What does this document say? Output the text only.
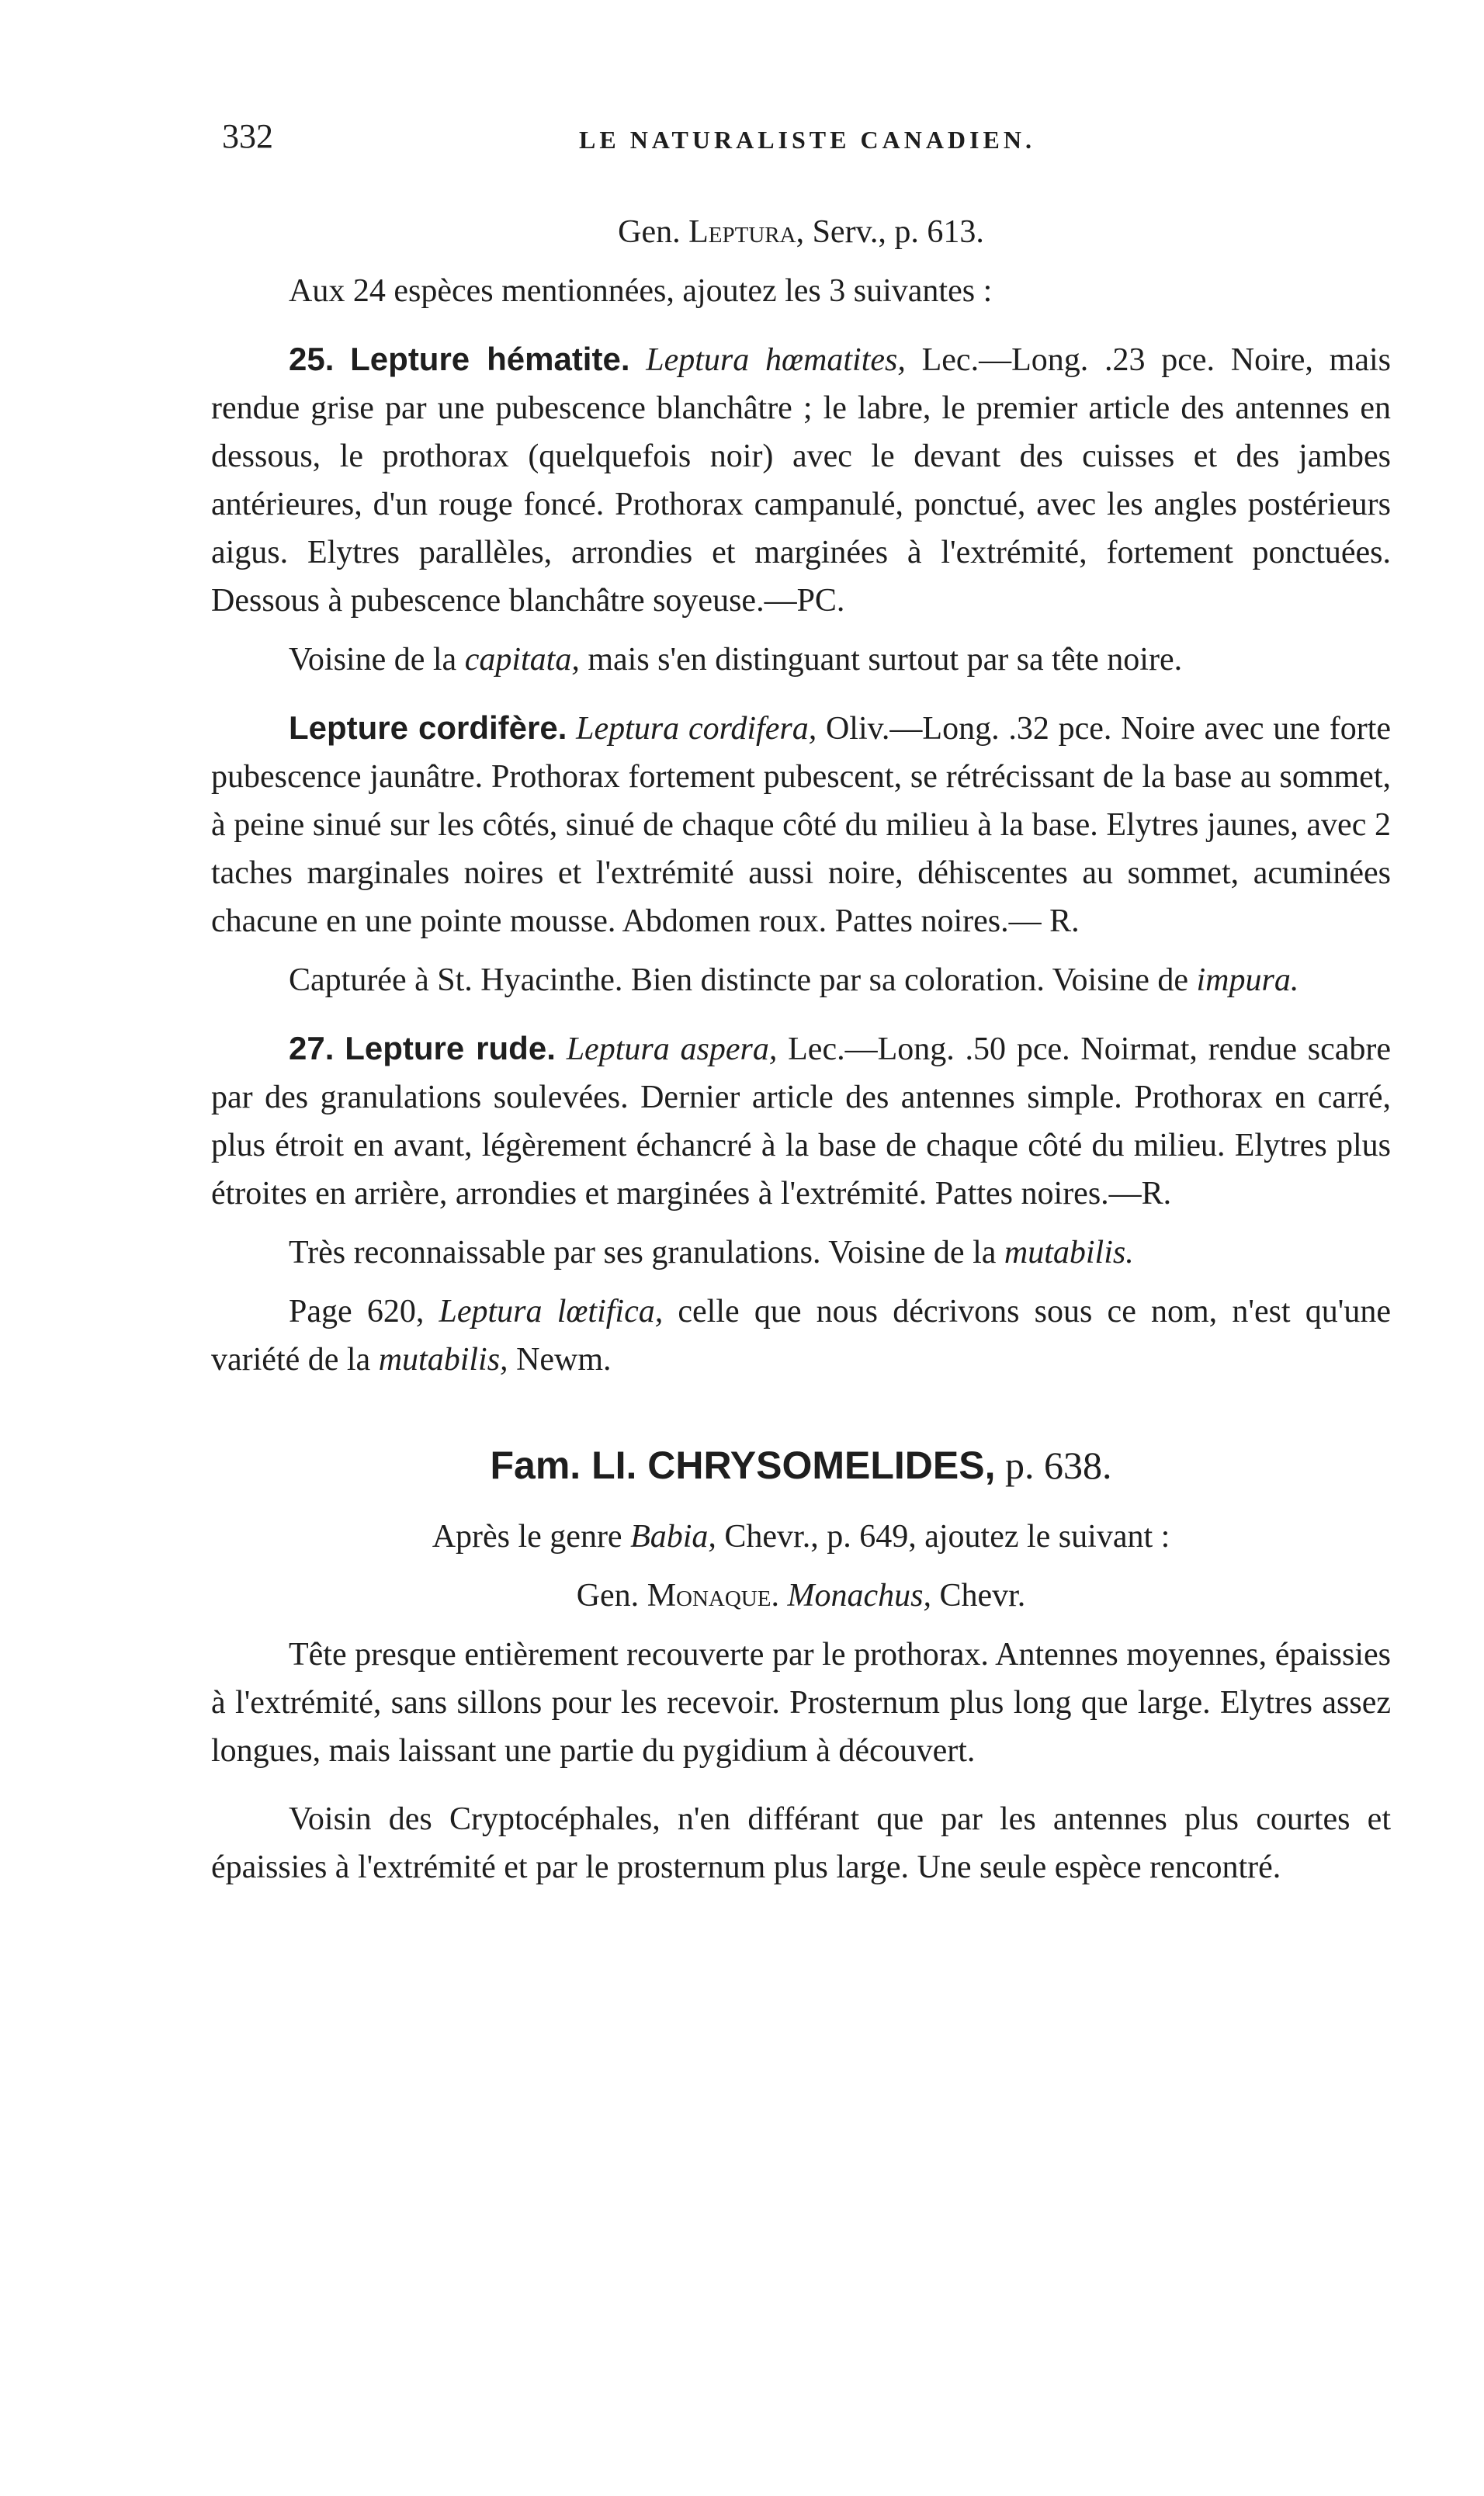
332	LE NATURALISTE CANADIEN.

Gen. Leptura, Serv., p. 613.

Aux 24 espèces mentionnées, ajoutez les 3 suivantes :

25. Lepture hématite. Leptura hœmatites, Lec.—Long. .23 pce. Noire, mais rendue grise par une pubescence blanchâtre ; le labre, le premier article des antennes en dessous, le prothorax (quelquefois noir) avec le devant des cuisses et des jambes antérieures, d'un rouge foncé. Prothorax campanulé, ponctué, avec les angles postérieurs aigus. Elytres parallèles, arrondies et marginées à l'extrémité, fortement ponctuées. Dessous à pubescence blanchâtre soyeuse.—PC.

Voisine de la capitata, mais s'en distinguant surtout par sa tête noire.

Lepture cordifère. Leptura cordifera, Oliv.—Long. .32 pce. Noire avec une forte pubescence jaunâtre. Prothorax fortement pubescent, se rétrécissant de la base au sommet, à peine sinué sur les côtés, sinué de chaque côté du milieu à la base. Elytres jaunes, avec 2 taches marginales noires et l'extrémité aussi noire, déhiscentes au sommet, acuminées chacune en une pointe mousse. Abdomen roux. Pattes noires.— R.

Capturée à St. Hyacinthe. Bien distincte par sa coloration. Voisine de impura.

27. Lepture rude. Leptura aspera, Lec.—Long. .50 pce. Noirmat, rendue scabre par des granulations soulevées. Dernier article des antennes simple. Prothorax en carré, plus étroit en avant, légèrement échancré à la base de chaque côté du milieu. Elytres plus étroites en arrière, arrondies et marginées à l'extrémité. Pattes noires.—R.

Très reconnaissable par ses granulations. Voisine de la mutabilis.

Page 620, Leptura lœtifica, celle que nous décrivons sous ce nom, n'est qu'une variété de la mutabilis, Newm.

Fam. LI. CHRYSOMELIDES, p. 638.

Après le genre Babia, Chevr., p. 649, ajoutez le suivant :

Gen. Monaque. Monachus, Chevr.

Tête presque entièrement recouverte par le prothorax. Antennes moyennes, épaissies à l'extrémité, sans sillons pour les recevoir. Prosternum plus long que large. Elytres assez longues, mais laissant une partie du pygidium à découvert.

Voisin des Cryptocéphales, n'en différant que par les antennes plus courtes et épaissies à l'extrémité et par le prosternum plus large. Une seule espèce rencontré.
